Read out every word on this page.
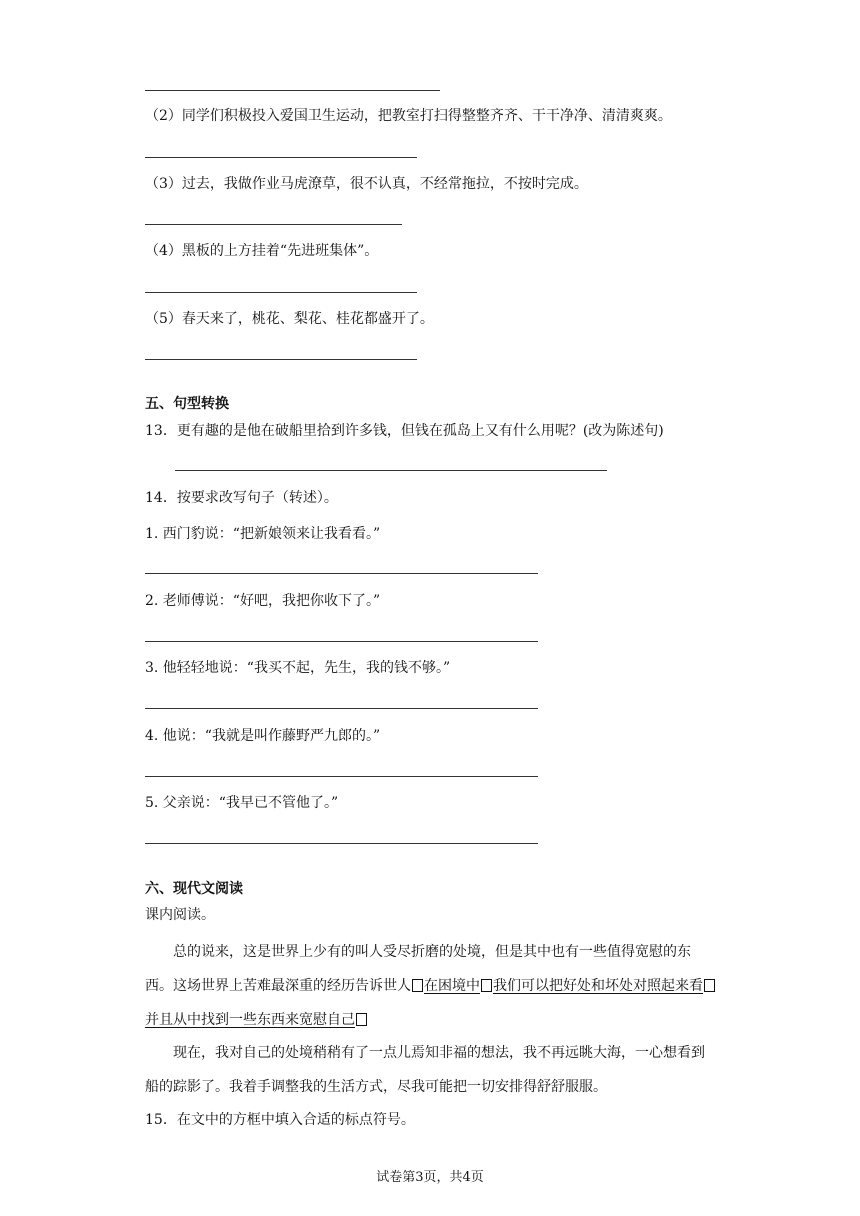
（2）同学们积极投入爱国卫生运动，把教室打扫得整整齐齐、干干净净、清清爽爽。
（3）过去，我做作业马虎潦草，很不认真，不经常拖拉，不按时完成。
（4）黑板的上方挂着“先进班集体”。
（5）春天来了，桃花、梨花、桂花都盛开了。
五、句型转换
13．更有趣的是他在破船里拾到许多钱，但钱在孤岛上又有什么用呢？(改为陈述句)
14．按要求改写句子（转述）。
1. 西门豹说：“把新娘领来让我看看。”
2. 老师傅说：“好吧，我把你收下了。”
3. 他轻轻地说：“我买不起，先生，我的钱不够。”
4. 他说：“我就是叫作藤野严九郎的。”
5. 父亲说：“我早已不管他了。”
六、现代文阅读
课内阅读。
总的说来，这是世界上少有的叫人受尽折磨的处境，但是其中也有一些值得宽慰的东西。这场世界上苦难最深重的经历告诉世人 在困境中 我们可以把好处和坏处对照起来看并且从中找到一些东西来宽慰自己
现在，我对自己的处境稍稍有了一点儿焉知非福的想法，我不再远眺大海，一心想看到船的踪影了。我着手调整我的生活方式，尽我可能把一切安排得舒舒服服。
15．在文中的方框中填入合适的标点符号。
试卷第3页，共4页
